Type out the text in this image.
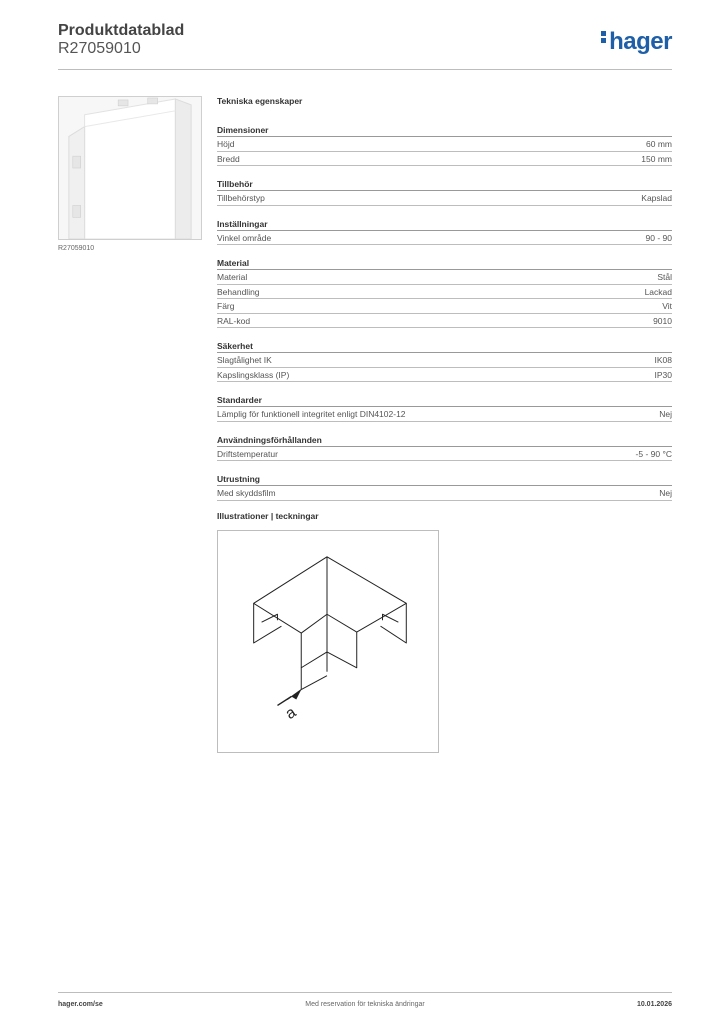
Produktdatablad
R27059010	hager
R27059010
Tekniska egenskaper
Dimensioner
Höjd	60 mm
Bredd	150 mm
Tillbehör
Tillbehörstyp	Kapslad
Inställningar
Vinkel område	90 - 90
Material
Material	Stål
Behandling	Lackad
Färg	Vit
RAL-kod	9010
Säkerhet
Slagtålighet IK	IK08
Kapslingsklass (IP)	IP30
Standarder
Lämplig för funktionell integritet enligt DIN4102-12	Nej
Användningsförhållanden
Driftstemperatur	-5 - 90 °C
Utrustning
Med skyddsfilm	Nej
Illustrationer | teckningar
a
hager.com/se	Med reservation för tekniska ändringar	10.01.2026
